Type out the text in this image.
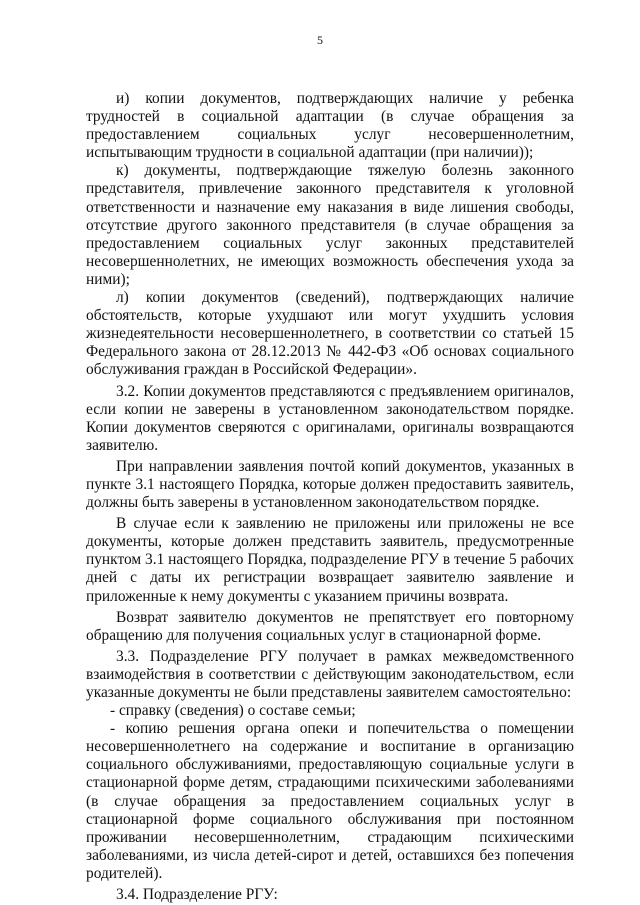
5

и) копии документов, подтверждающих наличие у ребенка трудностей в социальной адаптации (в случае обращения за предоставлением социальных услуг несовершеннолетним, испытывающим трудности в социальной адаптации (при наличии));

к) документы, подтверждающие тяжелую болезнь законного представителя, привлечение законного представителя к уголовной ответственности и назначение ему наказания в виде лишения свободы, отсутствие другого законного представителя (в случае обращения за предоставлением социальных услуг законных представителей несовершеннолетних, не имеющих возможность обеспечения ухода за ними);

л) копии документов (сведений), подтверждающих наличие обстоятельств, которые ухудшают или могут ухудшить условия жизнедеятельности несовершеннолетнего, в соответствии со статьей 15 Федерального закона от 28.12.2013 № 442-ФЗ «Об основах социального обслуживания граждан в Российской Федерации».

3.2. Копии документов представляются с предъявлением оригиналов, если копии не заверены в установленном законодательством порядке. Копии документов сверяются с оригиналами, оригиналы возвращаются заявителю.

При направлении заявления почтой копий документов, указанных в пункте 3.1 настоящего Порядка, которые должен предоставить заявитель, должны быть заверены в установленном законодательством порядке.

В случае если к заявлению не приложены или приложены не все документы, которые должен представить заявитель, предусмотренные пунктом 3.1 настоящего Порядка, подразделение РГУ в течение 5 рабочих дней с даты их регистрации возвращает заявителю заявление и приложенные к нему документы с указанием причины возврата.

Возврат заявителю документов не препятствует его повторному обращению для получения социальных услуг в стационарной форме.

3.3. Подразделение РГУ получает в рамках межведомственного взаимодействия в соответствии с действующим законодательством, если указанные документы не были представлены заявителем самостоятельно:

- справку (сведения) о составе семьи;

- копию решения органа опеки и попечительства о помещении несовершеннолетнего на содержание и воспитание в организацию социального обслуживаниями, предоставляющую социальные услуги в стационарной форме детям, страдающими психическими заболеваниями (в случае обращения за предоставлением социальных услуг в стационарной форме социального обслуживания при постоянном проживании несовершеннолетним, страдающим психическими заболеваниями, из числа детей-сирот и детей, оставшихся без попечения родителей).

3.4. Подразделение РГУ:
